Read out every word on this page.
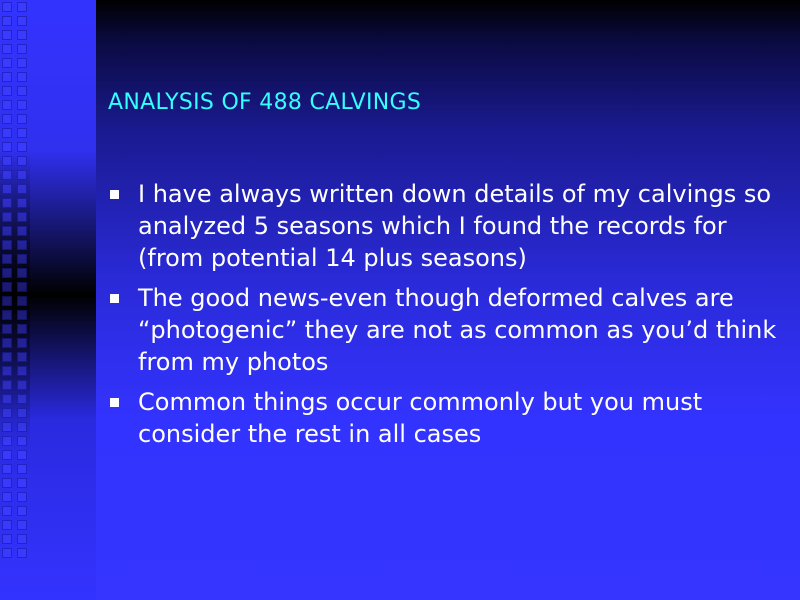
ANALYSIS OF 488 CALVINGS
I have always written down details of my calvings so analyzed 5 seasons which I found the records for (from potential 14 plus seasons)
The good news-even though deformed calves are “photogenic” they are not as common as you’d think from my photos
Common things occur commonly but you must consider the rest in all cases
